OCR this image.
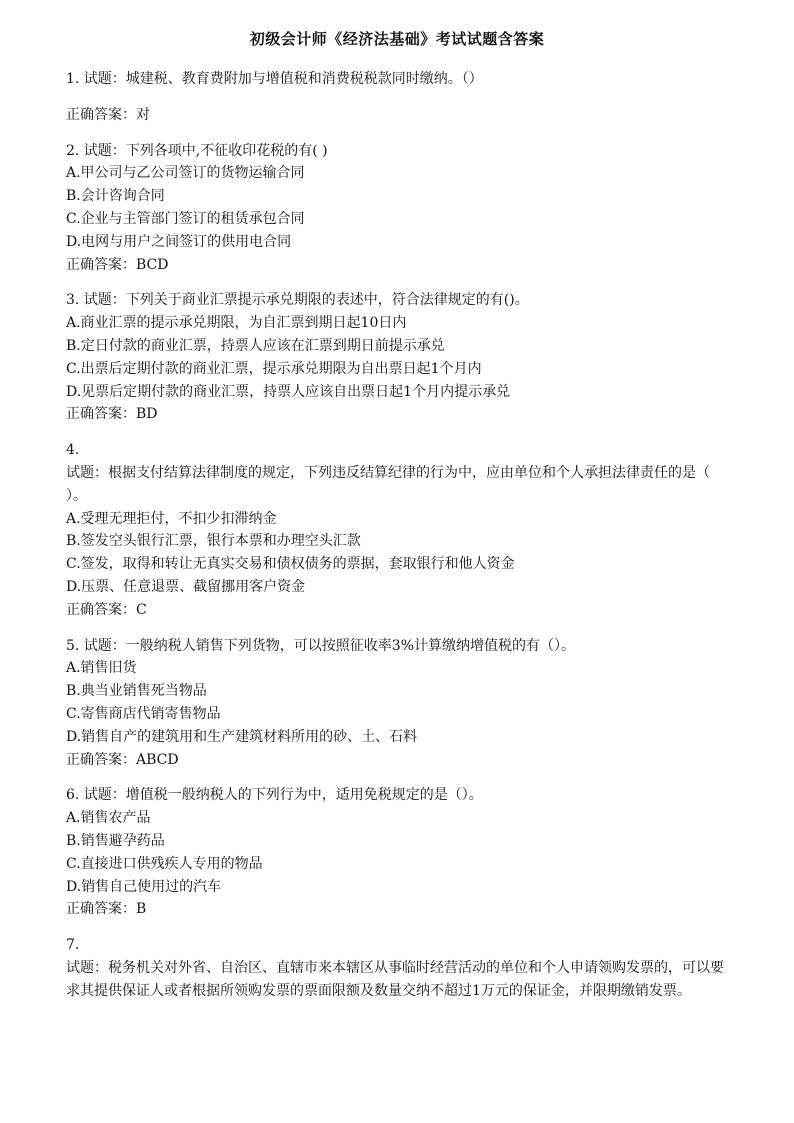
初级会计师《经济法基础》考试试题含答案
1. 试题：城建税、教育费附加与增值税和消费税税款同时缴纳。（）
正确答案：对
2. 试题：下列各项中,不征收印花税的有( )
A.甲公司与乙公司签订的货物运输合同
B.会计咨询合同
C.企业与主管部门签订的租赁承包合同
D.电网与用户之间签订的供用电合同
正确答案：BCD
3. 试题：下列关于商业汇票提示承兑期限的表述中，符合法律规定的有()。
A.商业汇票的提示承兑期限，为自汇票到期日起10日内
B.定日付款的商业汇票，持票人应该在汇票到期日前提示承兑
C.出票后定期付款的商业汇票，提示承兑期限为自出票日起1个月内
D.见票后定期付款的商业汇票，持票人应该自出票日起1个月内提示承兑
正确答案：BD
4.
试题：根据支付结算法律制度的规定，下列违反结算纪律的行为中，应由单位和个人承担法律责任的是（ ）。
A.受理无理拒付，不扣少扣滞纳金
B.签发空头银行汇票，银行本票和办理空头汇款
C.签发，取得和转让无真实交易和债权债务的票据，套取银行和他人资金
D.压票、任意退票、截留挪用客户资金
正确答案：C
5. 试题：一般纳税人销售下列货物，可以按照征收率3%计算缴纳增值税的有（）。
A.销售旧货
B.典当业销售死当物品
C.寄售商店代销寄售物品
D.销售自产的建筑用和生产建筑材料所用的砂、土、石料
正确答案：ABCD
6. 试题：增值税一般纳税人的下列行为中，适用免税规定的是（）。
A.销售农产品
B.销售避孕药品
C.直接进口供残疾人专用的物品
D.销售自己使用过的汽车
正确答案：B
7.
试题：税务机关对外省、自治区、直辖市来本辖区从事临时经营活动的单位和个人申请领购发票的，可以要求其提供保证人或者根据所领购发票的票面限额及数量交纳不超过1万元的保证金，并限期缴销发票。
